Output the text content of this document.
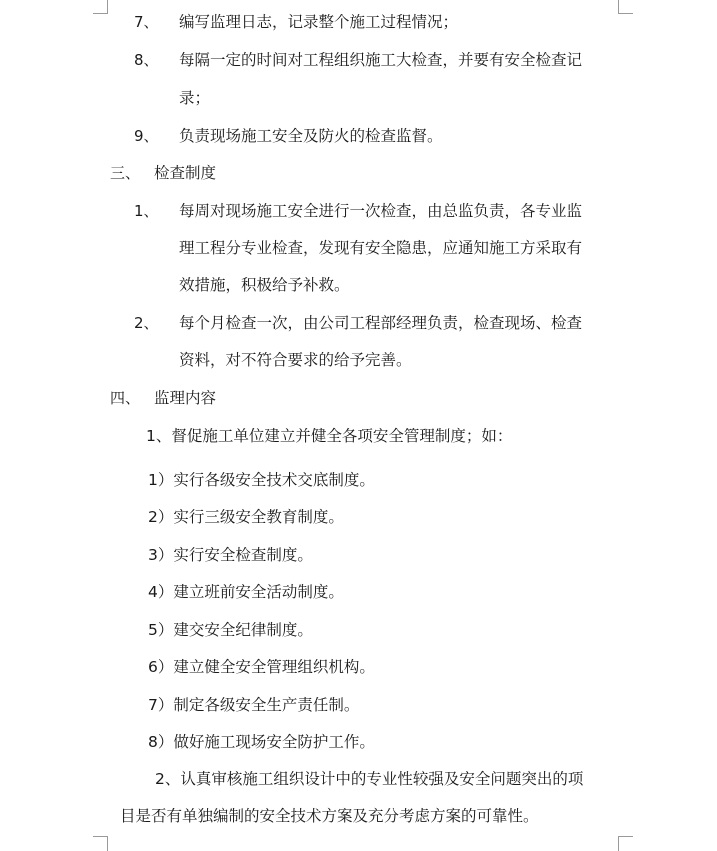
7、 编写监理日志，记录整个施工过程情况；
8、 每隔一定的时间对工程组织施工大检查，并要有安全检查记
录；
9、 负责现场施工安全及防火的检查监督。
三、 检查制度
1、 每周对现场施工安全进行一次检查，由总监负责，各专业监
理工程分专业检查，发现有安全隐患，应通知施工方采取有
效措施，积极给予补救。
2、 每个月检查一次，由公司工程部经理负责，检查现场、检查
资料，对不符合要求的给予完善。
四、 监理内容
1、督促施工单位建立并健全各项安全管理制度；如：
1）实行各级安全技术交底制度。
2）实行三级安全教育制度。
3）实行安全检查制度。
4）建立班前安全活动制度。
5）建交安全纪律制度。
6）建立健全安全管理组织机构。
7）制定各级安全生产责任制。
8）做好施工现场安全防护工作。
2、认真审核施工组织设计中的专业性较强及安全问题突出的项
目是否有单独编制的安全技术方案及充分考虑方案的可靠性。
